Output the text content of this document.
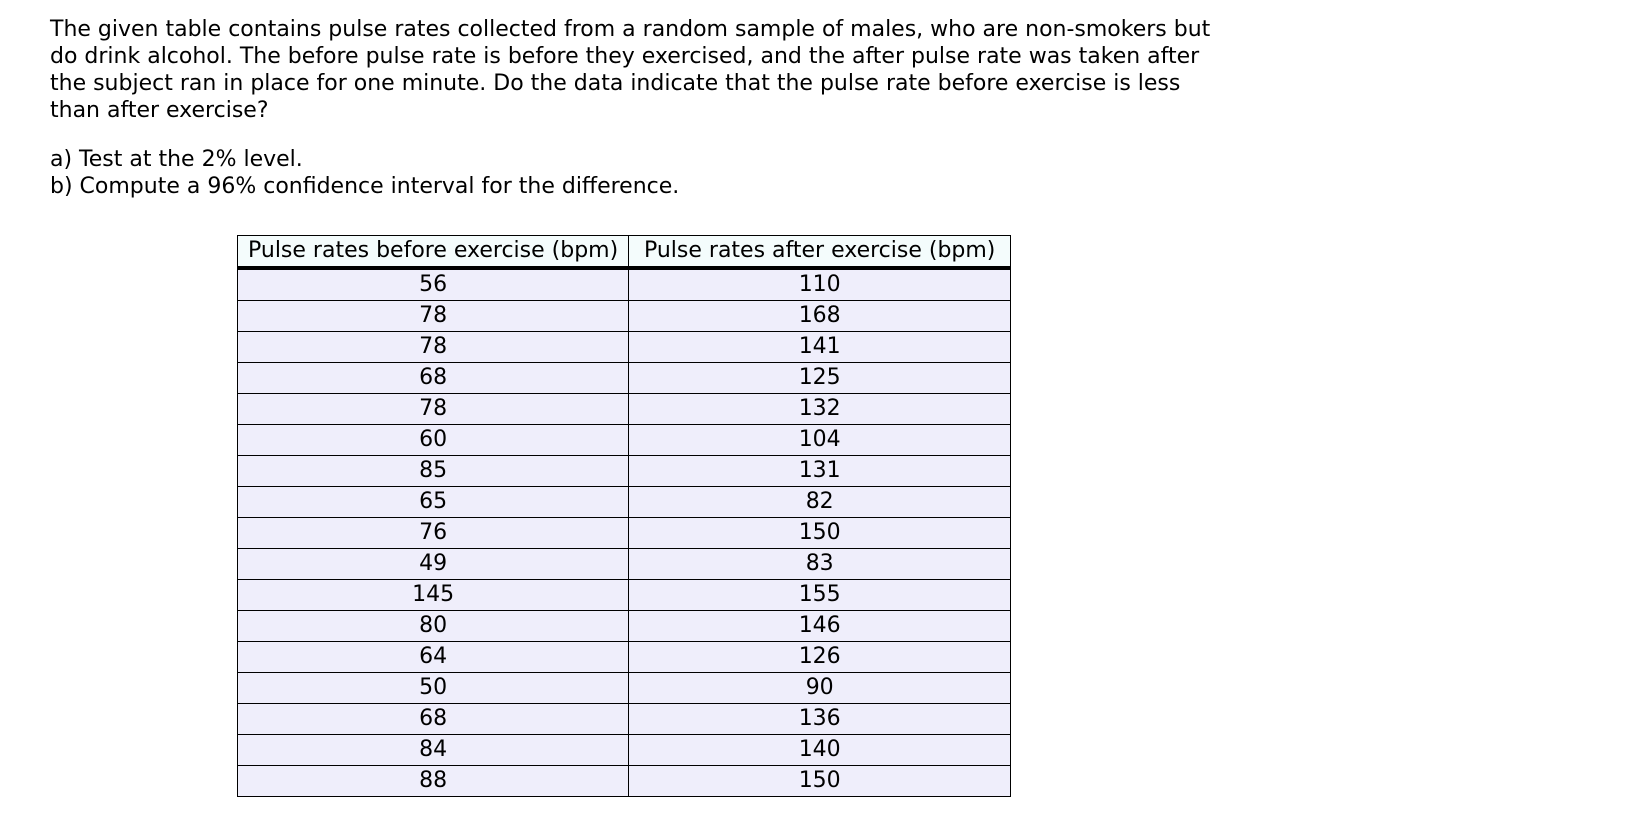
The given table contains pulse rates collected from a random sample of males, who are non-smokers but do drink alcohol. The before pulse rate is before they exercised, and the after pulse rate was taken after the subject ran in place for one minute. Do the data indicate that the pulse rate before exercise is less than after exercise?

a) Test at the 2% level.
b) Compute a 96% confidence interval for the difference.
Pulse rates before exercise (bpm)	Pulse rates after exercise (bpm)
56	110
78	168
78	141
68	125
78	132
60	104
85	131
65	82
76	150
49	83
145	155
80	146
64	126
50	90
68	136
84	140
88	150
